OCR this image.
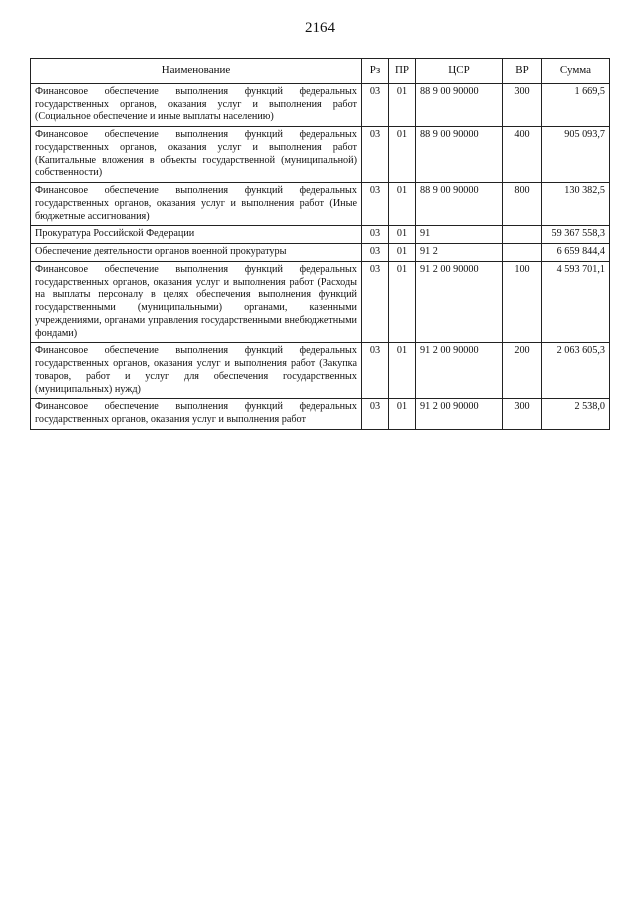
2164
Наименование	Рз	ПР	ЦСР	ВР	Сумма
Финансовое обеспечение выполнения функций федеральных государственных органов, оказания услуг и выполнения работ (Социальное обеспечение и иные выплаты населению)	03	01	88 9 00 90000	300	1 669,5
Финансовое обеспечение выполнения функций федеральных государственных органов, оказания услуг и выполнения работ (Капитальные вложения в объекты государственной (муниципальной) собственности)	03	01	88 9 00 90000	400	905 093,7
Финансовое обеспечение выполнения функций федеральных государственных органов, оказания услуг и выполнения работ (Иные бюджетные ассигнования)	03	01	88 9 00 90000	800	130 382,5
Прокуратура Российской Федерации	03	01	91		59 367 558,3
Обеспечение деятельности органов военной прокуратуры	03	01	91 2		6 659 844,4
Финансовое обеспечение выполнения функций федеральных государственных органов, оказания услуг и выполнения работ (Расходы на выплаты персоналу в целях обеспечения выполнения функций государственными (муниципальными) органами, казенными учреждениями, органами управления государственными внебюджетными фондами)	03	01	91 2 00 90000	100	4 593 701,1
Финансовое обеспечение выполнения функций федеральных государственных органов, оказания услуг и выполнения работ (Закупка товаров, работ и услуг для обеспечения государственных (муниципальных) нужд)	03	01	91 2 00 90000	200	2 063 605,3
Финансовое обеспечение выполнения функций федеральных государственных органов, оказания услуг и выполнения работ	03	01	91 2 00 90000	300	2 538,0
